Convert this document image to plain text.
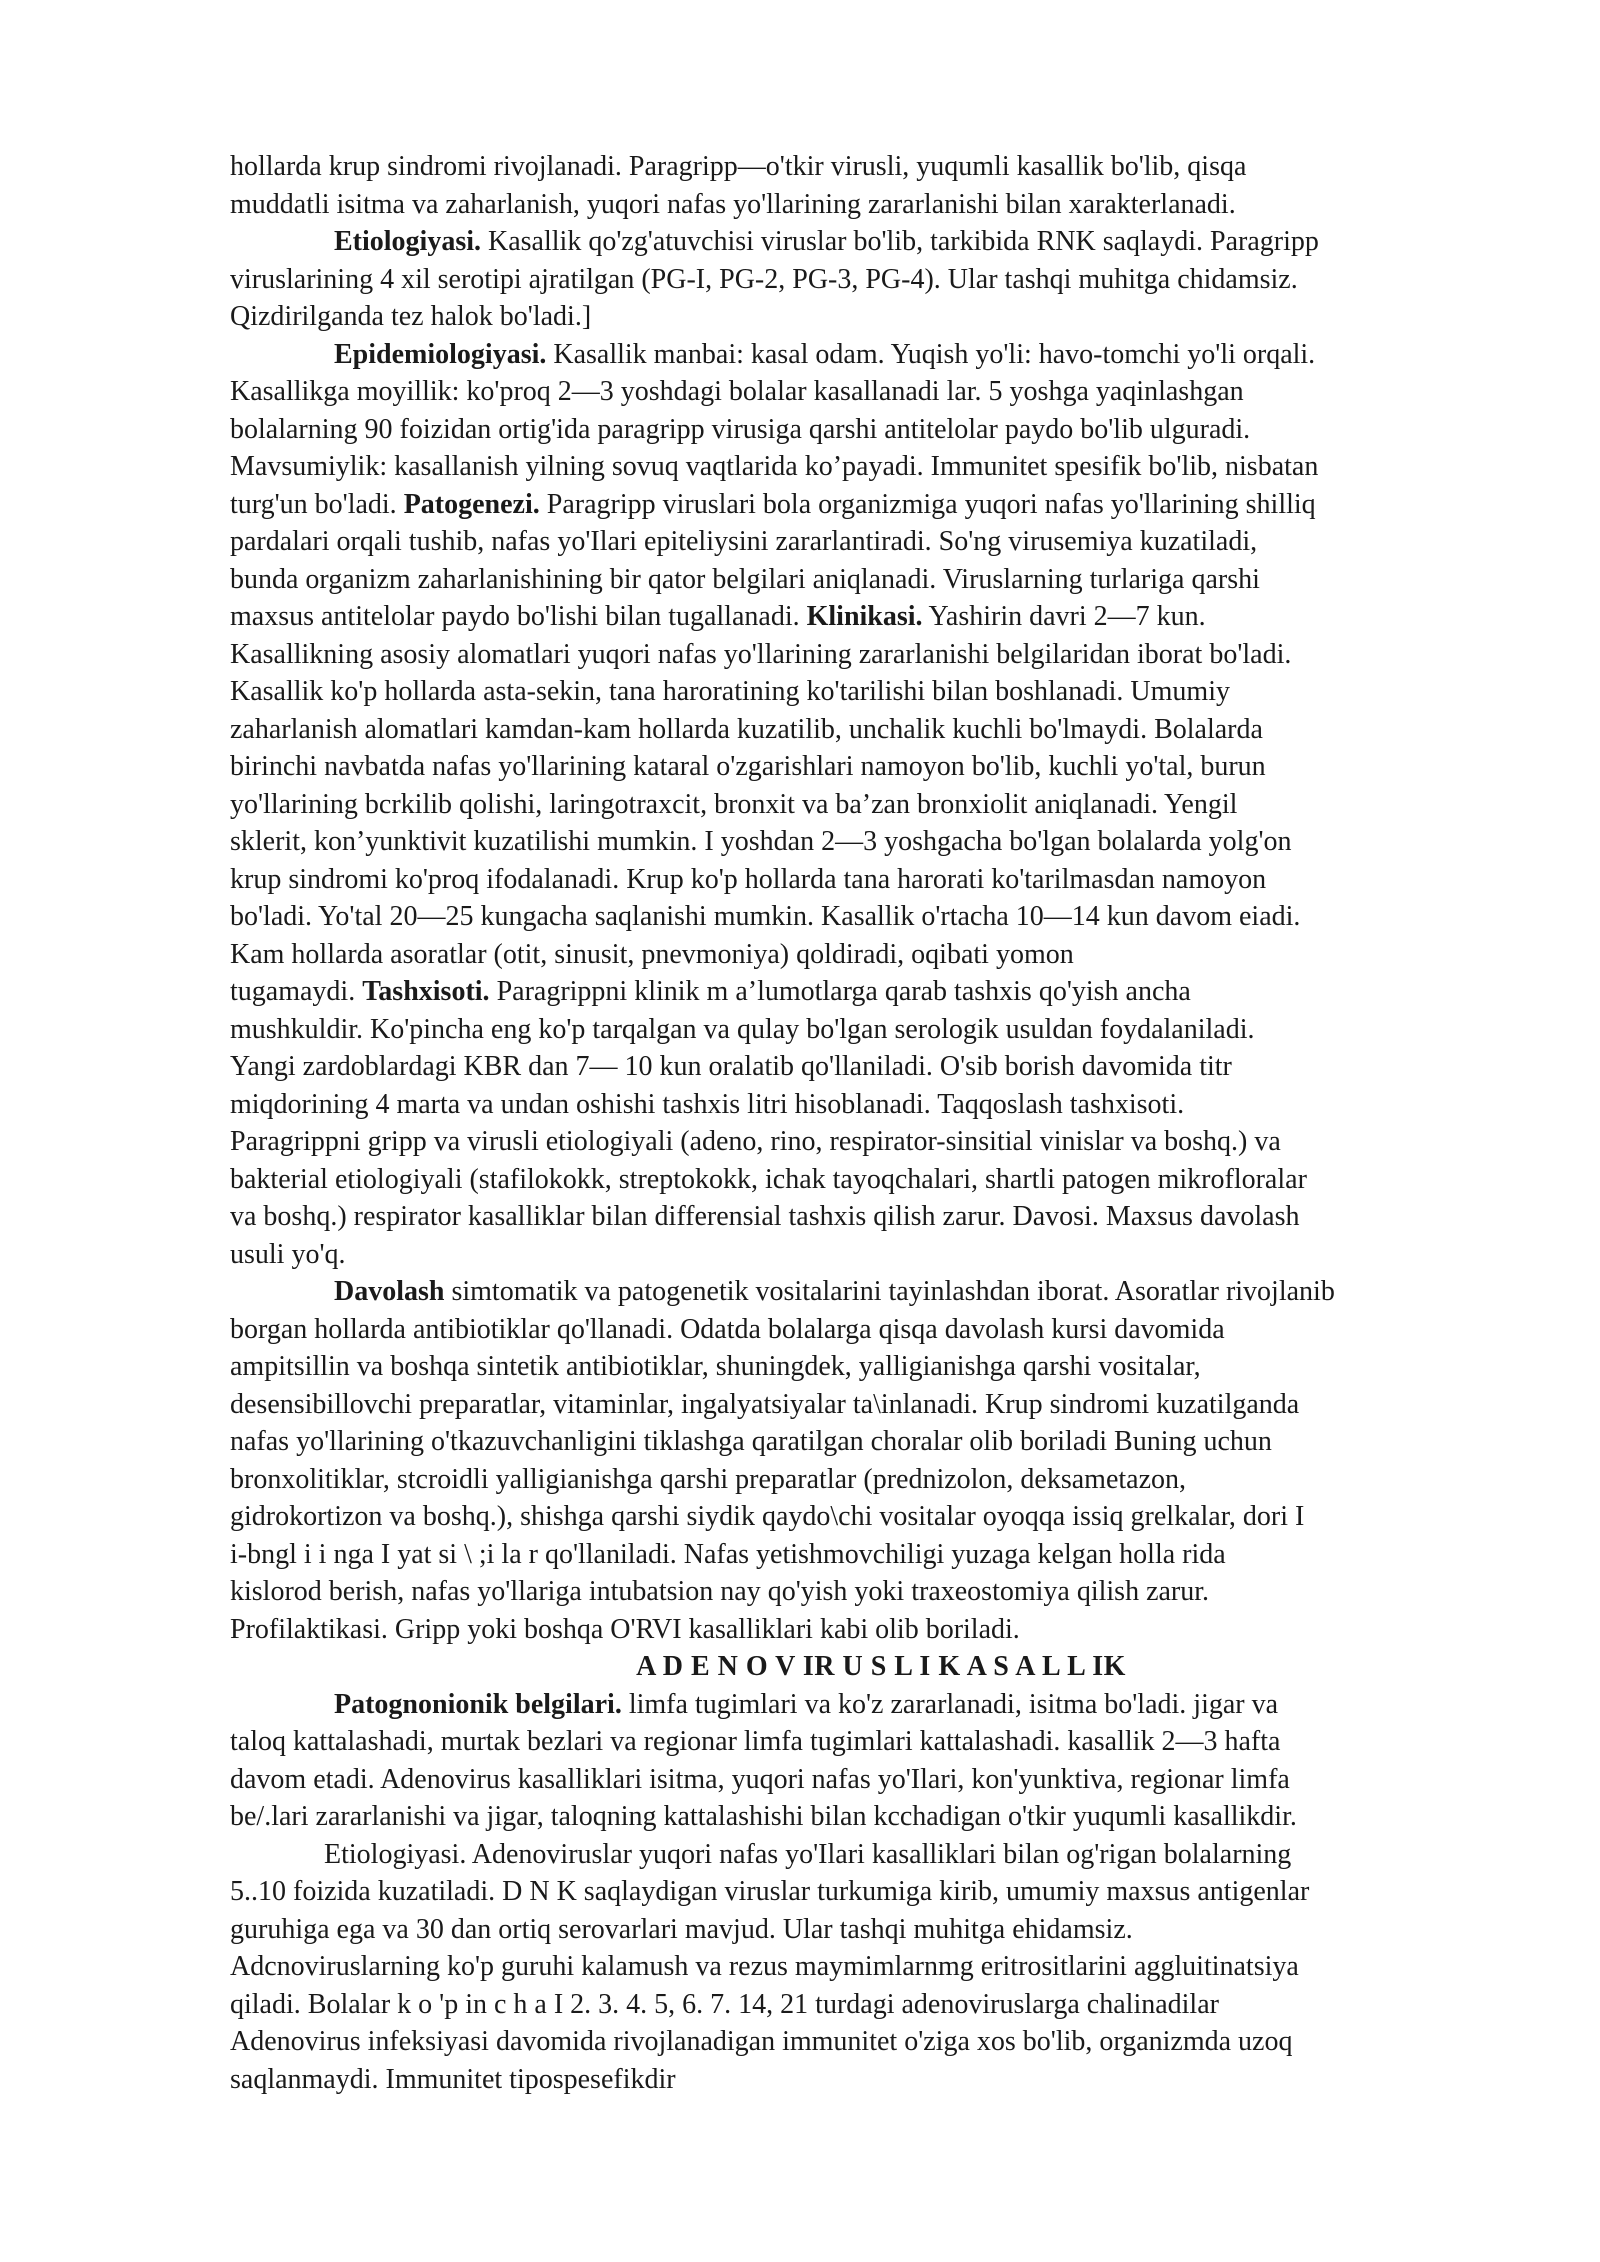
hollarda krup sindromi rivojlanadi. Paragripp—o'tkir virusli, yuqumli kasallik bo'lib, qisqa

muddatli isitma va zaharlanish, yuqori nafas yo'llarining zararlanishi bilan xarakterlanadi.

Etiologiyasi. Kasallik qo'zg'atuvchisi viruslar bo'lib, tarkibida RNK saqlaydi. Paragripp

viruslarining 4 xil serotipi ajratilgan (PG-I, PG-2, PG-3, PG-4). Ular tashqi muhitga chidamsiz.

Qizdirilganda tez halok bo'ladi.]

Epidemiologiyasi. Kasallik manbai: kasal odam. Yuqish yo'li: havo-tomchi yo'li orqali.

Kasallikga moyillik: ko'proq 2—3 yoshdagi bolalar kasallanadi lar. 5 yoshga yaqinlashgan

bolalarning 90 foizidan ortig'ida paragripp virusiga qarshi antitelolar paydo bo'lib ulguradi.

Mavsumiylik: kasallanish yilning sovuq vaqtlarida ko’payadi. Immunitet spesifik bo'lib, nisbatan

turg'un bo'ladi. Patogenezi. Paragripp viruslari bola organizmiga yuqori nafas yo'llarining shilliq

pardalari orqali tushib, nafas yo'Ilari epiteliysini zararlantiradi. So'ng virusemiya kuzatiladi,

bunda organizm zaharlanishining bir qator belgilari aniqlanadi. Viruslarning turlariga qarshi

maxsus antitelolar paydo bo'lishi bilan tugallanadi. Klinikasi. Yashirin davri 2—7 kun.

Kasallikning asosiy alomatlari yuqori nafas yo'llarining zararlanishi belgilaridan iborat bo'ladi.

Kasallik ko'p hollarda asta-sekin, tana haroratining ko'tarilishi bilan boshlanadi. Umumiy

zaharlanish alomatlari kamdan-kam hollarda kuzatilib, unchalik kuchli bo'lmaydi. Bolalarda

birinchi navbatda nafas yo'llarining kataral o'zgarishlari namoyon bo'lib, kuchli yo'tal, burun

yo'llarining bcrkilib qolishi, laringotraxcit, bronxit va ba’zan bronxiolit aniqlanadi. Yengil

sklerit, kon’yunktivit kuzatilishi mumkin. I yoshdan 2—3 yoshgacha bo'lgan bolalarda yolg'on

krup sindromi ko'proq ifodalanadi. Krup ko'p hollarda tana harorati ko'tarilmasdan namoyon

bo'ladi. Yo'tal 20—25 kungacha saqlanishi mumkin. Kasallik o'rtacha 10—14 kun davom eiadi.

Kam hollarda asoratlar (otit, sinusit, pnevmoniya) qoldiradi, oqibati yomon

tugamaydi. Tashxisoti. Paragrippni klinik m a’lumotlarga qarab tashxis qo'yish ancha

mushkuldir. Ko'pincha eng ko'p tarqalgan va qulay bo'lgan serologik usuldan foydalaniladi.

Yangi zardoblardagi KBR dan 7— 10 kun oralatib qo'llaniladi. O'sib borish davomida titr

miqdorining 4 marta va undan oshishi tashxis litri hisoblanadi. Taqqoslash tashxisoti.

Paragrippni gripp va virusli etiologiyali (adeno, rino, respirator-sinsitial vinislar va boshq.) va

bakterial etiologiyali (stafilokokk, streptokokk, ichak tayoqchalari, shartli patogen mikrofloralar

va boshq.) respirator kasalliklar bilan differensial tashxis qilish zarur. Davosi. Maxsus davolash

usuli yo'q.

Davolash simtomatik va patogenetik vositalarini tayinlashdan iborat. Asoratlar rivojlanib

borgan hollarda antibiotiklar qo'llanadi. Odatda bolalarga qisqa davolash kursi davomida

ampitsillin va boshqa sintetik antibiotiklar, shuningdek, yalligianishga qarshi vositalar,

desensibillovchi preparatlar, vitaminlar, ingalyatsiyalar ta\inlanadi. Krup sindromi kuzatilganda

nafas yo'llarining o'tkazuvchanligini tiklashga qaratilgan choralar olib boriladi Buning uchun

bronxolitiklar, stcroidli yalligianishga qarshi preparatlar (prednizolon, deksametazon,

gidrokortizon va boshq.), shishga qarshi siydik qaydo\chi vositalar oyoqqa issiq grelkalar, dori I

i-bngl i i nga I yat si \ ;i la r qo'llaniladi. Nafas yetishmovchiligi yuzaga kelgan holla rida

kislorod berish, nafas yo'llariga intubatsion nay qo'yish yoki traxeostomiya qilish zarur.

Profilaktikasi. Gripp yoki boshqa O'RVI kasalliklari kabi olib boriladi.

A D E N O V IR U S L I K A S A L L IK

Patognonionik belgilari. limfa tugimlari va ko'z zararlanadi, isitma bo'ladi. jigar va

taloq kattalashadi, murtak bezlari va regionar limfa tugimlari kattalashadi. kasallik 2—3 hafta

davom etadi. Adenovirus kasalliklari isitma, yuqori nafas yo'Ilari, kon'yunktiva, regionar limfa

be/.lari zararlanishi va jigar, taloqning kattalashishi bilan kcchadigan o'tkir yuqumli kasallikdir.

Etiologiyasi. Adenoviruslar yuqori nafas yo'Ilari kasalliklari bilan og'rigan bolalarning

5..10 foizida kuzatiladi. D N K saqlaydigan viruslar turkumiga kirib, umumiy maxsus antigenlar

guruhiga ega va 30 dan ortiq serovarlari mavjud. Ular tashqi muhitga ehidamsiz.

Adcnoviruslarning ko'p guruhi kalamush va rezus maymimlarnmg eritrositlarini aggluitinatsiya

qiladi. Bolalar k o 'p in c h a I 2. 3. 4. 5, 6. 7. 14, 21 turdagi adenoviruslarga chalinadilar

Adenovirus infeksiyasi davomida rivojlanadigan immunitet o'ziga xos bo'lib, organizmda uzoq

saqlanmaydi. Immunitet tipospesefikdir
